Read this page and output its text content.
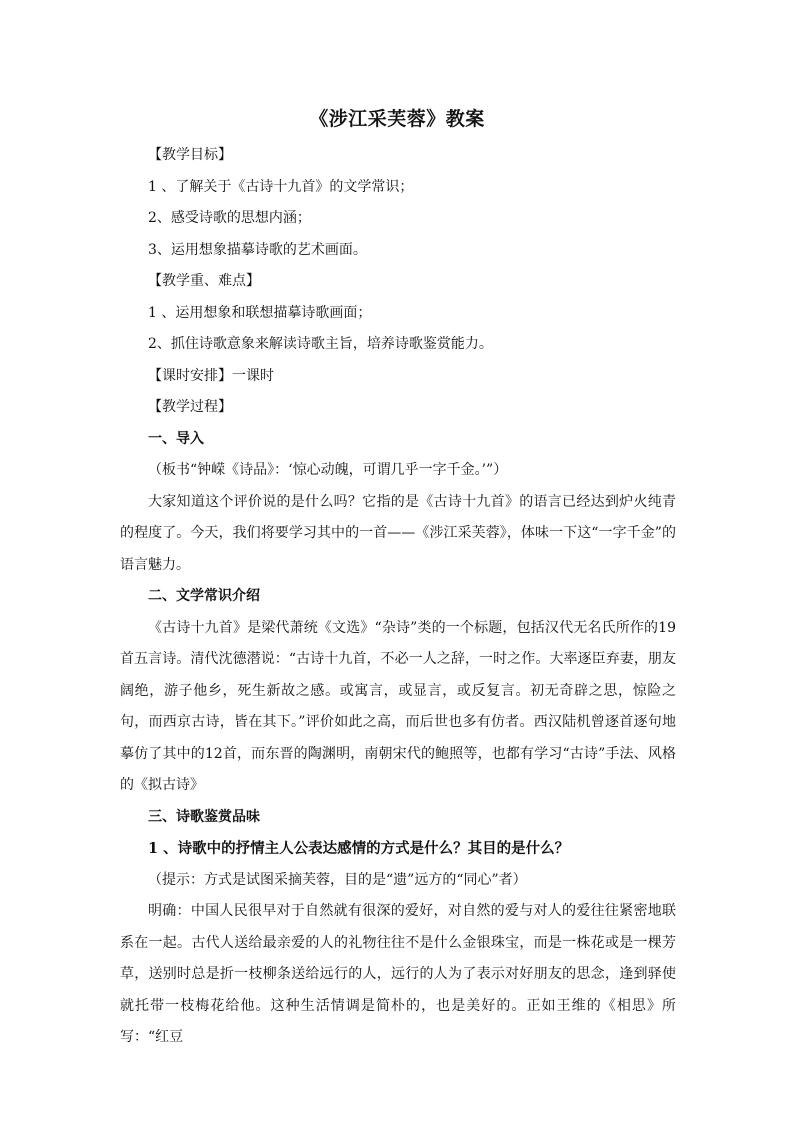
《涉江采芙蓉》教案
【教学目标】
1 、了解关于《古诗十九首》的文学常识；
2、感受诗歌的思想内涵；
3、运用想象描摹诗歌的艺术画面。
【教学重、难点】
1 、运用想象和联想描摹诗歌画面；
2、抓住诗歌意象来解读诗歌主旨，培养诗歌鉴赏能力。
【课时安排】一课时
【教学过程】
一、导入
（板书“钟嵘《诗品》：‘惊心动魄，可谓几乎一字千金。’”）

大家知道这个评价说的是什么吗？它指的是《古诗十九首》的语言已经达到炉火纯青的程度了。今天，我们将要学习其中的一首——《涉江采芙蓉》，体味一下这“一字千金”的语言魅力。

二、文学常识介绍

《古诗十九首》是梁代萧统《文选》“杂诗”类的一个标题，包括汉代无名氏所作的19首五言诗。清代沈德潜说：“古诗十九首，不必一人之辞，一时之作。大率逐臣弃妻，朋友阔绝，游子他乡，死生新故之感。或寓言，或显言，或反复言。初无奇辟之思，惊险之句，而西京古诗，皆在其下。”评价如此之高，而后世也多有仿者。西汉陆机曾逐首逐句地摹仿了其中的12首，而东晋的陶渊明，南朝宋代的鲍照等，也都有学习“古诗”手法、风格的《拟古诗》

三、诗歌鉴赏品味
1 、诗歌中的抒情主人公表达感情的方式是什么？其目的是什么？
（提示：方式是试图采摘芙蓉，目的是“遗”远方的“同心”者）

明确：中国人民很早对于自然就有很深的爱好，对自然的爱与对人的爱往往紧密地联系在一起。古代人送给最亲爱的人的礼物往往不是什么金银珠宝，而是一株花或是一棵芳草，送别时总是折一枝柳条送给远行的人，远行的人为了表示对好朋友的思念，逢到驿使就托带一枝梅花给他。这种生活情调是简朴的，也是美好的。正如王维的《相思》所写：“红豆
